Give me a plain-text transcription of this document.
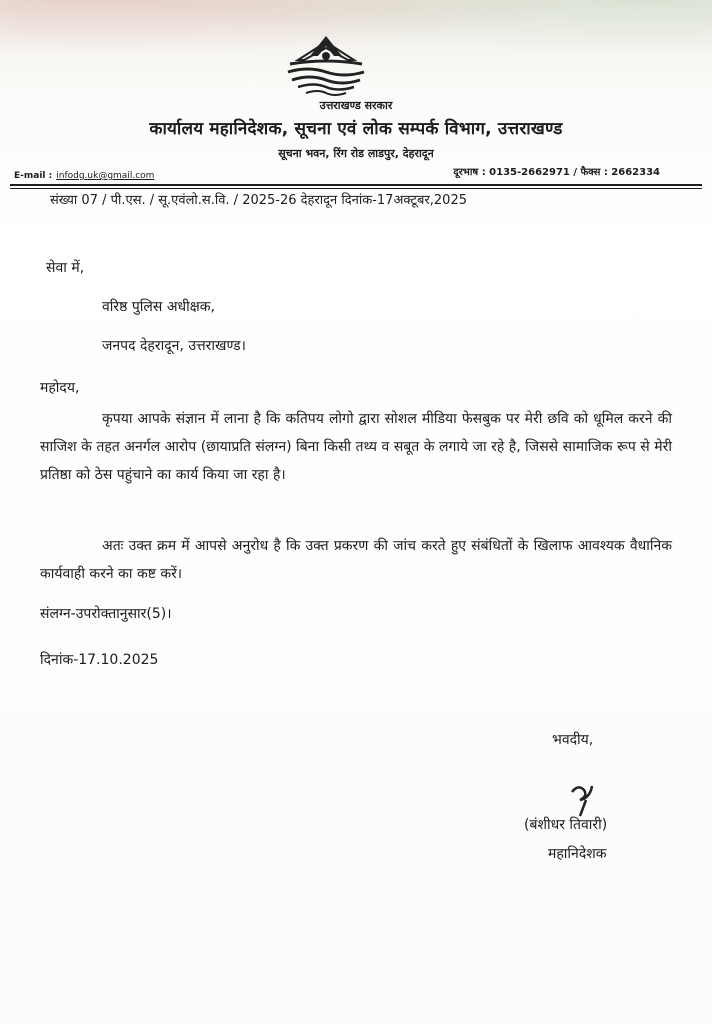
उत्तराखण्ड सरकार
कार्यालय महानिदेशक, सूचना एवं लोक सम्पर्क विभाग, उत्तराखण्ड
सूचना भवन, रिंग रोड लाडपुर, देहरादून
E-mail : infodg.uk@gmail.com	दूरभाष : 0135-2662971 / फैक्स : 2662334
संख्या 07 / पी.एस. / सू.एवंलो.स.वि. / 2025-26 देहरादून दिनांक-17अक्टूबर,2025
सेवा में,
वरिष्ठ पुलिस अधीक्षक,
जनपद देहरादून, उत्तराखण्ड।
महोदय,
कृपया आपके संज्ञान में लाना है कि कतिपय लोगो द्वारा सोशल मीडिया फेसबुक पर मेरी छवि को धूमिल करने की साजिश के तहत अनर्गल आरोप (छायाप्रति संलग्न) बिना किसी तथ्य व सबूत के लगाये जा रहे है, जिससे सामाजिक रूप से मेरी प्रतिष्ठा को ठेस पहुंचाने का कार्य किया जा रहा है।
अतः उक्त क्रम में आपसे अनुरोध है कि उक्त प्रकरण की जांच करते हुए संबंधितों के खिलाफ आवश्यक वैधानिक कार्यवाही करने का कष्ट करें।
संलग्न-उपरोक्तानुसार(5)।
दिनांक-17.10.2025
भवदीय,
(बंशीधर तिवारी)
महानिदेशक
